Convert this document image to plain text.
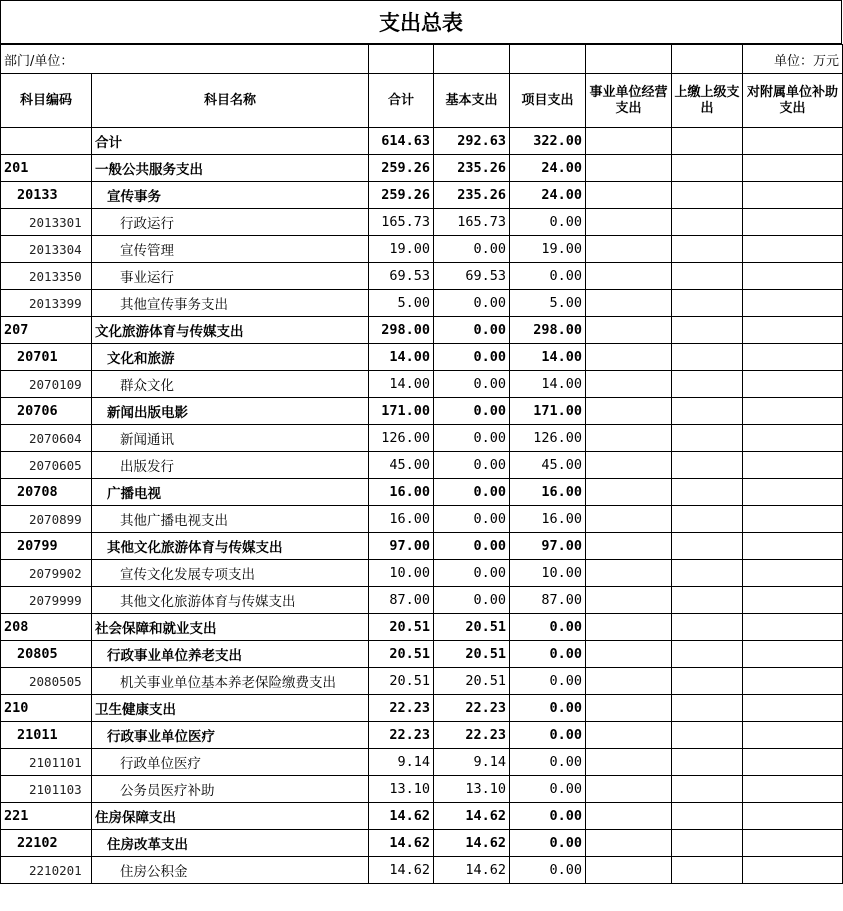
支出总表
部门/单位：							单位：万元
科目编码	科目名称	合计	基本支出	项目支出	事业单位经营支出	上缴上级支出	对附属单位补助支出
	合计	614.63	292.63	322.00			
201	一般公共服务支出	259.26	235.26	24.00			
20133	宣传事务	259.26	235.26	24.00			
2013301	行政运行	165.73	165.73	0.00			
2013304	宣传管理	19.00	0.00	19.00			
2013350	事业运行	69.53	69.53	0.00			
2013399	其他宣传事务支出	5.00	0.00	5.00			
207	文化旅游体育与传媒支出	298.00	0.00	298.00			
20701	文化和旅游	14.00	0.00	14.00			
2070109	群众文化	14.00	0.00	14.00			
20706	新闻出版电影	171.00	0.00	171.00			
2070604	新闻通讯	126.00	0.00	126.00			
2070605	出版发行	45.00	0.00	45.00			
20708	广播电视	16.00	0.00	16.00			
2070899	其他广播电视支出	16.00	0.00	16.00			
20799	其他文化旅游体育与传媒支出	97.00	0.00	97.00			
2079902	宣传文化发展专项支出	10.00	0.00	10.00			
2079999	其他文化旅游体育与传媒支出	87.00	0.00	87.00			
208	社会保障和就业支出	20.51	20.51	0.00			
20805	行政事业单位养老支出	20.51	20.51	0.00			
2080505	机关事业单位基本养老保险缴费支出	20.51	20.51	0.00			
210	卫生健康支出	22.23	22.23	0.00			
21011	行政事业单位医疗	22.23	22.23	0.00			
2101101	行政单位医疗	9.14	9.14	0.00			
2101103	公务员医疗补助	13.10	13.10	0.00			
221	住房保障支出	14.62	14.62	0.00			
22102	住房改革支出	14.62	14.62	0.00			
2210201	住房公积金	14.62	14.62	0.00			
